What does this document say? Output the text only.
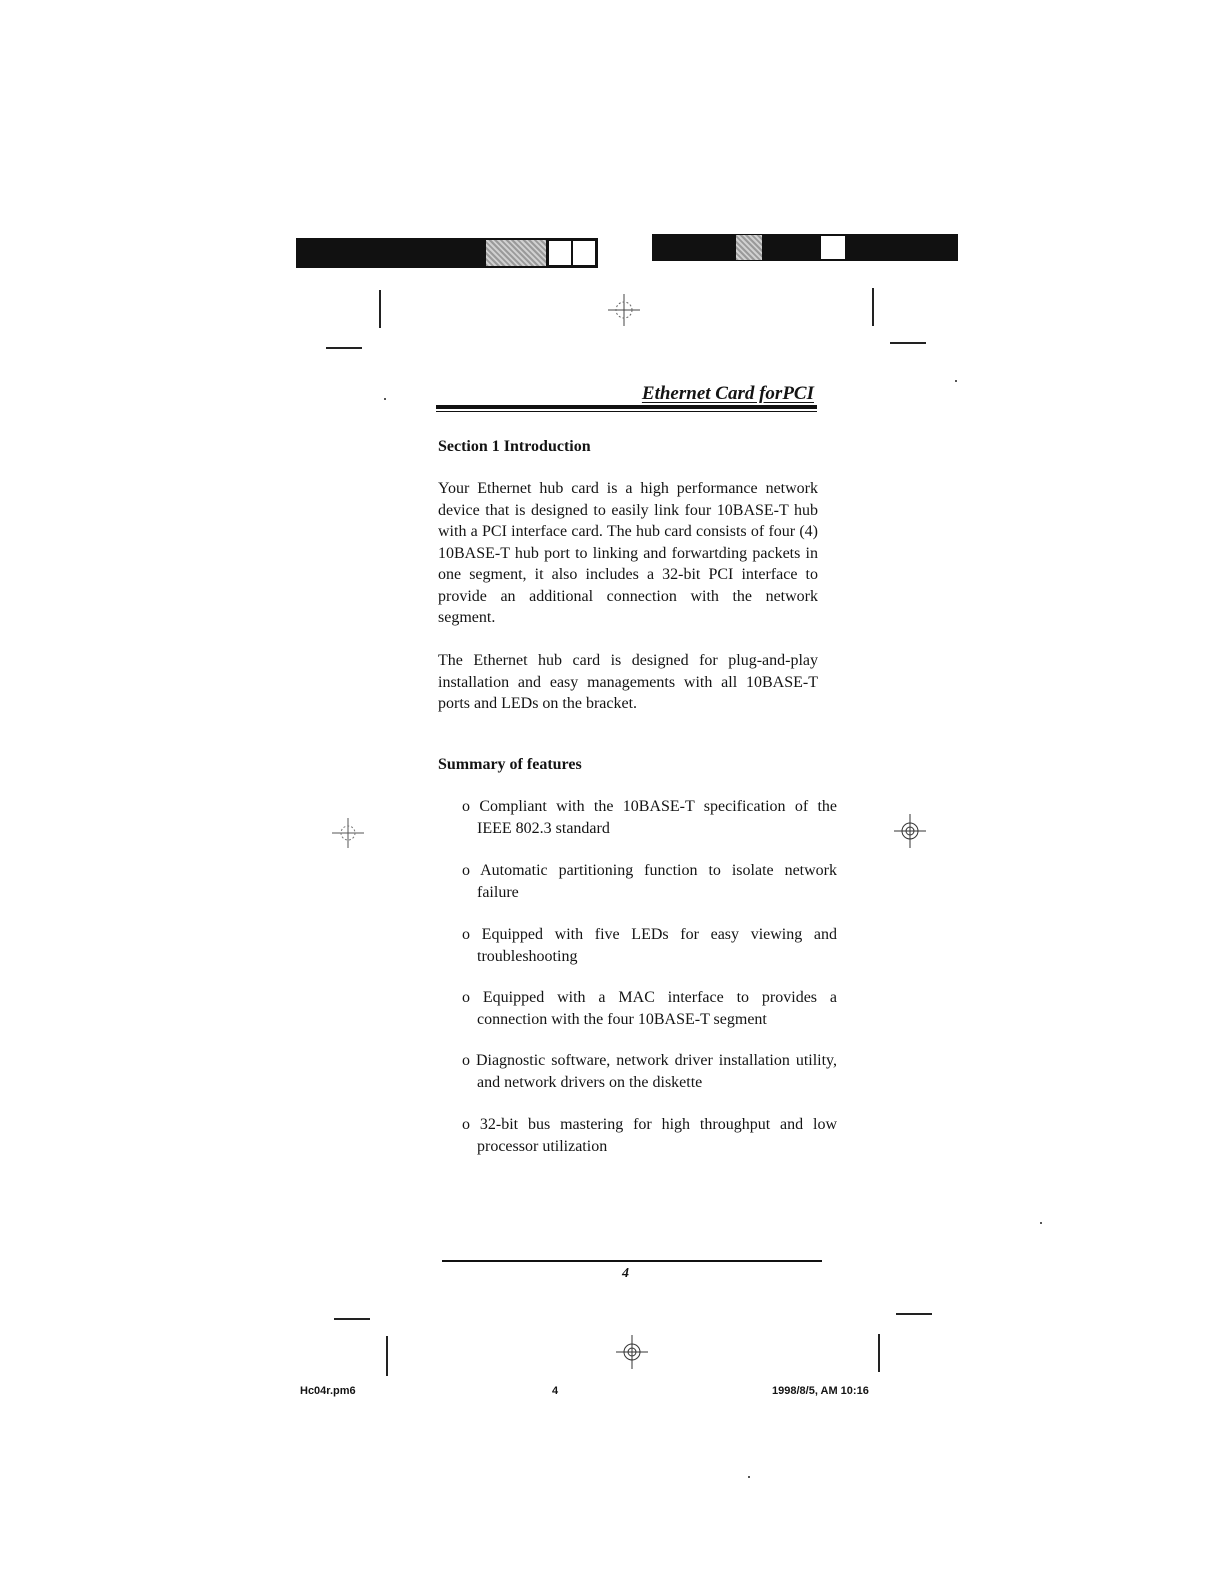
Ethernet Card forPCI
Section 1 Introduction
Your Ethernet hub card is a high performance network device that is designed to easily link four 10BASE-T hub with a PCI interface card. The hub card consists of four (4) 10BASE-T hub port to linking and forwartding packets in one segment, it also includes a 32-bit PCI interface to provide an additional connection with the network segment.
The Ethernet hub card is designed for plug-and-play installation and easy managements with all 10BASE-T ports and LEDs on the bracket.
Summary of features
o Compliant with the 10BASE-T specification of the IEEE 802.3 standard
o Automatic partitioning function to isolate network failure
o Equipped with five LEDs for easy viewing and troubleshooting
o Equipped with a MAC interface to provides a connection with the four 10BASE-T segment
o Diagnostic software, network driver installation utility, and network drivers on the diskette
o 32-bit bus mastering for high throughput and low processor utilization
4
Hc04r.pm6	4	1998/8/5, AM 10:16
